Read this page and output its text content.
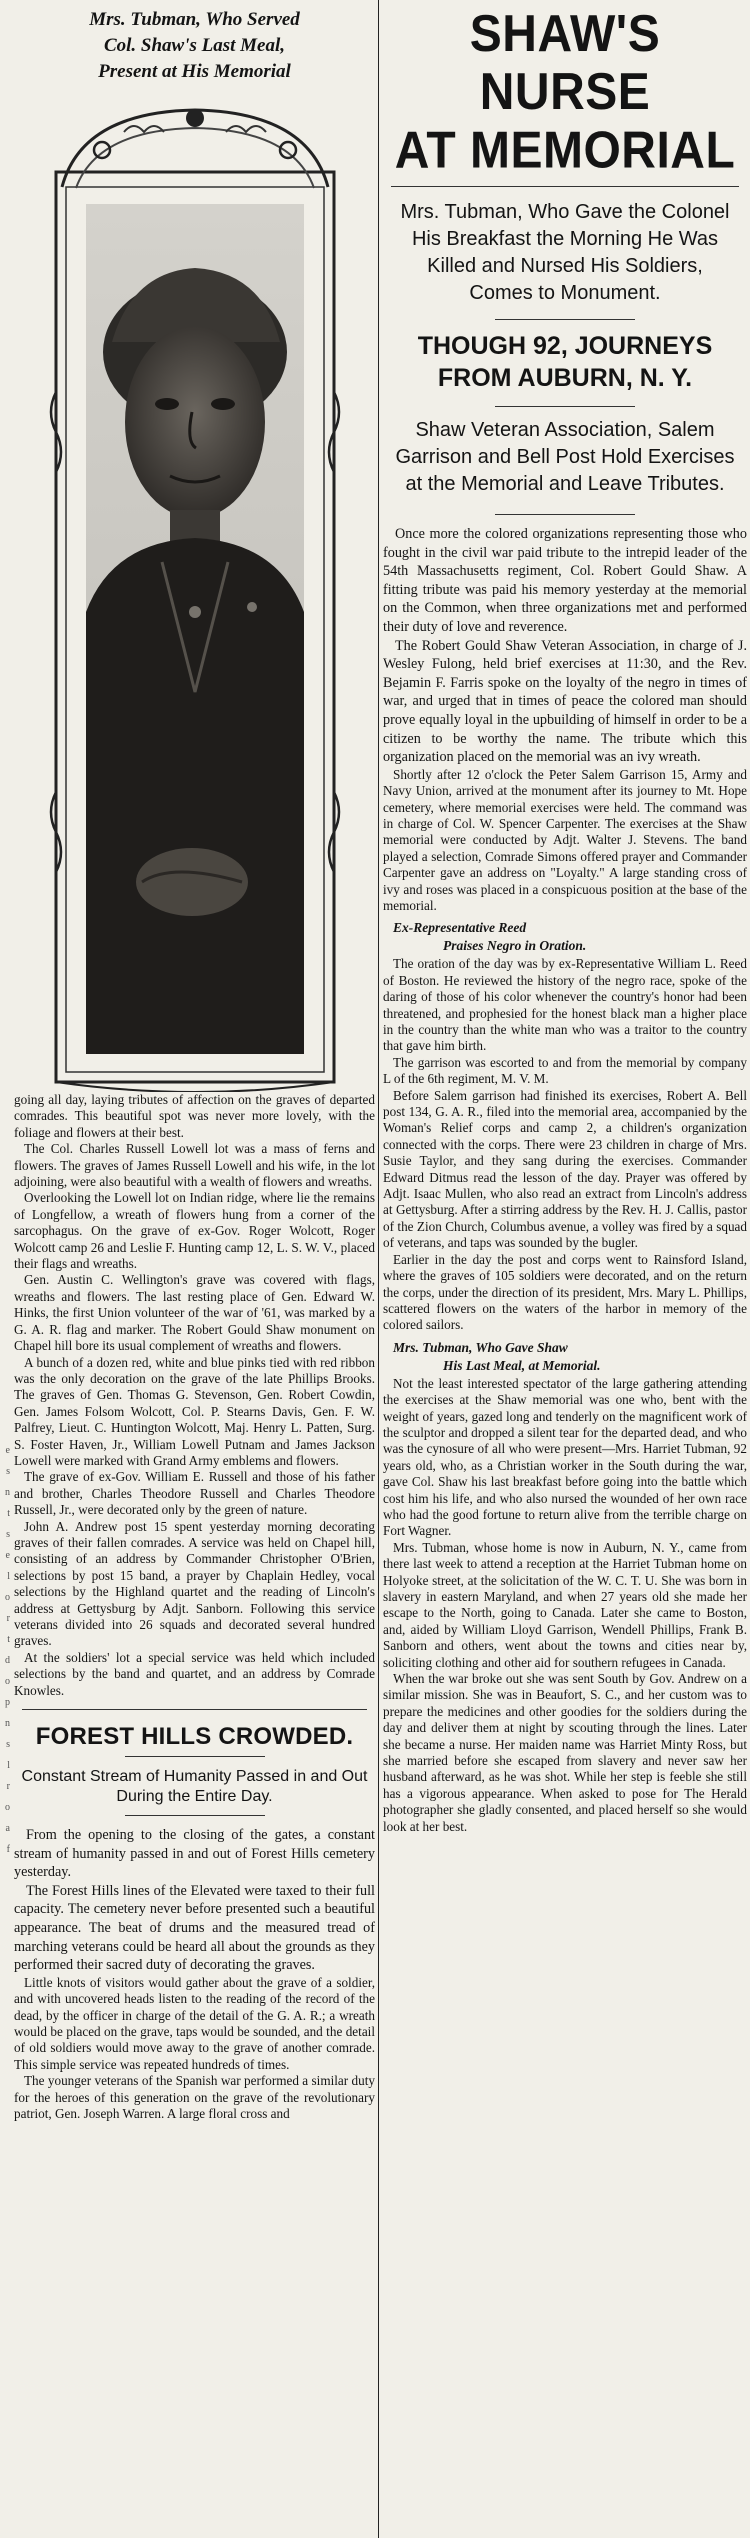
e
s
n
t
s
e
l
o
r
t
d
o
p
n
s
l
r
o
a
f

Mrs. Tubman, Who Served

Col. Shaw's Last Meal,

Present at His Memorial

going all day, laying tributes of affection on the graves of departed comrades. This beautiful spot was never more lovely, with the foliage and flowers at their best.

The Col. Charles Russell Lowell lot was a mass of ferns and flowers. The graves of James Russell Lowell and his wife, in the lot adjoining, were also beautiful with a wealth of flowers and wreaths.

Overlooking the Lowell lot on Indian ridge, where lie the remains of Longfellow, a wreath of flowers hung from a corner of the sarcophagus. On the grave of ex-Gov. Roger Wolcott, Roger Wolcott camp 26 and Leslie F. Hunting camp 12, L. S. W. V., placed their flags and wreaths.

Gen. Austin C. Wellington's grave was covered with flags, wreaths and flowers. The last resting place of Gen. Edward W. Hinks, the first Union volunteer of the war of '61, was marked by a G. A. R. flag and marker. The Robert Gould Shaw monument on Chapel hill bore its usual complement of wreaths and flowers.

A bunch of a dozen red, white and blue pinks tied with red ribbon was the only decoration on the grave of the late Phillips Brooks. The graves of Gen. Thomas G. Stevenson, Gen. Robert Cowdin, Gen. James Folsom Wolcott, Col. P. Stearns Davis, Gen. F. W. Palfrey, Lieut. C. Huntington Wolcott, Maj. Henry L. Patten, Surg. S. Foster Haven, Jr., William Lowell Putnam and James Jackson Lowell were marked with Grand Army emblems and flowers.

The grave of ex-Gov. William E. Russell and those of his father and brother, Charles Theodore Russell and Charles Theodore Russell, Jr., were decorated only by the green of nature.

John A. Andrew post 15 spent yesterday morning decorating graves of their fallen comrades. A service was held on Chapel hill, consisting of an address by Commander Christopher O'Brien, selections by post 15 band, a prayer by Chaplain Hedley, vocal selections by the Highland quartet and the reading of Lincoln's address at Gettysburg by Adjt. Sanborn. Following this service veterans divided into 26 squads and decorated several hundred graves.

At the soldiers' lot a special service was held which included selections by the band and quartet, and an address by Comrade Knowles.

FOREST HILLS CROWDED.
Constant Stream of Humanity Passed in and Out During the Entire Day.

From the opening to the closing of the gates, a constant stream of humanity passed in and out of Forest Hills cemetery yesterday.

The Forest Hills lines of the Elevated were taxed to their full capacity. The cemetery never before presented such a beautiful appearance. The beat of drums and the measured tread of marching veterans could be heard all about the grounds as they performed their sacred duty of decorating the graves.

Little knots of visitors would gather about the grave of a soldier, and with uncovered heads listen to the reading of the record of the dead, by the officer in charge of the detail of the G. A. R.; a wreath would be placed on the grave, taps would be sounded, and the detail of old soldiers would move away to the grave of another comrade. This simple service was repeated hundreds of times.

The younger veterans of the Spanish war performed a similar duty for the heroes of this generation on the grave of the revolutionary patriot, Gen. Joseph Warren. A large floral cross and

SHAW'S NURSE
AT MEMORIAL
Mrs. Tubman, Who Gave the Colonel His Breakfast the Morning He Was Killed and Nursed His Soldiers, Comes to Monument.
THOUGH 92, JOURNEYS FROM AUBURN, N. Y.
Shaw Veteran Association, Salem Garrison and Bell Post Hold Exercises at the Memorial and Leave Tributes.

Once more the colored organizations representing those who fought in the civil war paid tribute to the intrepid leader of the 54th Massachusetts regiment, Col. Robert Gould Shaw. A fitting tribute was paid his memory yesterday at the memorial on the Common, when three organizations met and performed their duty of love and reverence.

The Robert Gould Shaw Veteran Association, in charge of J. Wesley Fulong, held brief exercises at 11:30, and the Rev. Bejamin F. Farris spoke on the loyalty of the negro in times of war, and urged that in times of peace the colored man should prove equally loyal in the upbuilding of himself in order to be a citizen to be worthy the name. The tribute which this organization placed on the memorial was an ivy wreath.

Shortly after 12 o'clock the Peter Salem Garrison 15, Army and Navy Union, arrived at the monument after its journey to Mt. Hope cemetery, where memorial exercises were held. The command was in charge of Col. W. Spencer Carpenter. The exercises at the Shaw memorial were conducted by Adjt. Walter J. Stevens. The band played a selection, Comrade Simons offered prayer and Commander Carpenter gave an address on "Loyalty." A large standing cross of ivy and roses was placed in a conspicuous position at the base of the memorial.

Ex-Representative Reed
Praises Negro in Oration.

The oration of the day was by ex-Representative William L. Reed of Boston. He reviewed the history of the negro race, spoke of the daring of those of his color whenever the country's honor had been threatened, and prophesied for the honest black man a higher place in the country than the white man who was a traitor to the country that gave him birth.

The garrison was escorted to and from the memorial by company L of the 6th regiment, M. V. M.

Before Salem garrison had finished its exercises, Robert A. Bell post 134, G. A. R., filed into the memorial area, accompanied by the Woman's Relief corps and camp 2, a children's organization connected with the corps. There were 23 children in charge of Mrs. Susie Taylor, and they sang during the exercises. Commander Edward Ditmus read the lesson of the day. Prayer was offered by Adjt. Isaac Mullen, who also read an extract from Lincoln's address at Gettysburg. After a stirring address by the Rev. H. J. Callis, pastor of the Zion Church, Columbus avenue, a volley was fired by a squad of veterans, and taps was sounded by the bugler.

Earlier in the day the post and corps went to Rainsford Island, where the graves of 105 soldiers were decorated, and on the return the corps, under the direction of its president, Mrs. Mary L. Phillips, scattered flowers on the waters of the harbor in memory of the colored sailors.

Mrs. Tubman, Who Gave Shaw
His Last Meal, at Memorial.

Not the least interested spectator of the large gathering attending the exercises at the Shaw memorial was one who, bent with the weight of years, gazed long and tenderly on the magnificent work of the sculptor and dropped a silent tear for the departed dead, and who was the cynosure of all who were present—Mrs. Harriet Tubman, 92 years old, who, as a Christian worker in the South during the war, gave Col. Shaw his last breakfast before going into the battle which cost him his life, and who also nursed the wounded of her own race who had the good fortune to return alive from the terrible charge on Fort Wagner.

Mrs. Tubman, whose home is now in Auburn, N. Y., came from there last week to attend a reception at the Harriet Tubman home on Holyoke street, at the solicitation of the W. C. T. U. She was born in slavery in eastern Maryland, and when 27 years old she made her escape to the North, going to Canada. Later she came to Boston, and, aided by William Lloyd Garrison, Wendell Phillips, Frank B. Sanborn and others, went about the towns and cities near by, soliciting clothing and other aid for southern refugees in Canada.

When the war broke out she was sent South by Gov. Andrew on a similar mission. She was in Beaufort, S. C., and her custom was to prepare the medicines and other goodies for the soldiers during the day and deliver them at night by scouting through the lines. Later she became a nurse. Her maiden name was Harriet Minty Ross, but she married before she escaped from slavery and never saw her husband afterward, as he was shot. While her step is feeble she still has a vigorous appearance. When asked to pose for The Herald photographer she gladly consented, and placed herself so she would look at her best.
